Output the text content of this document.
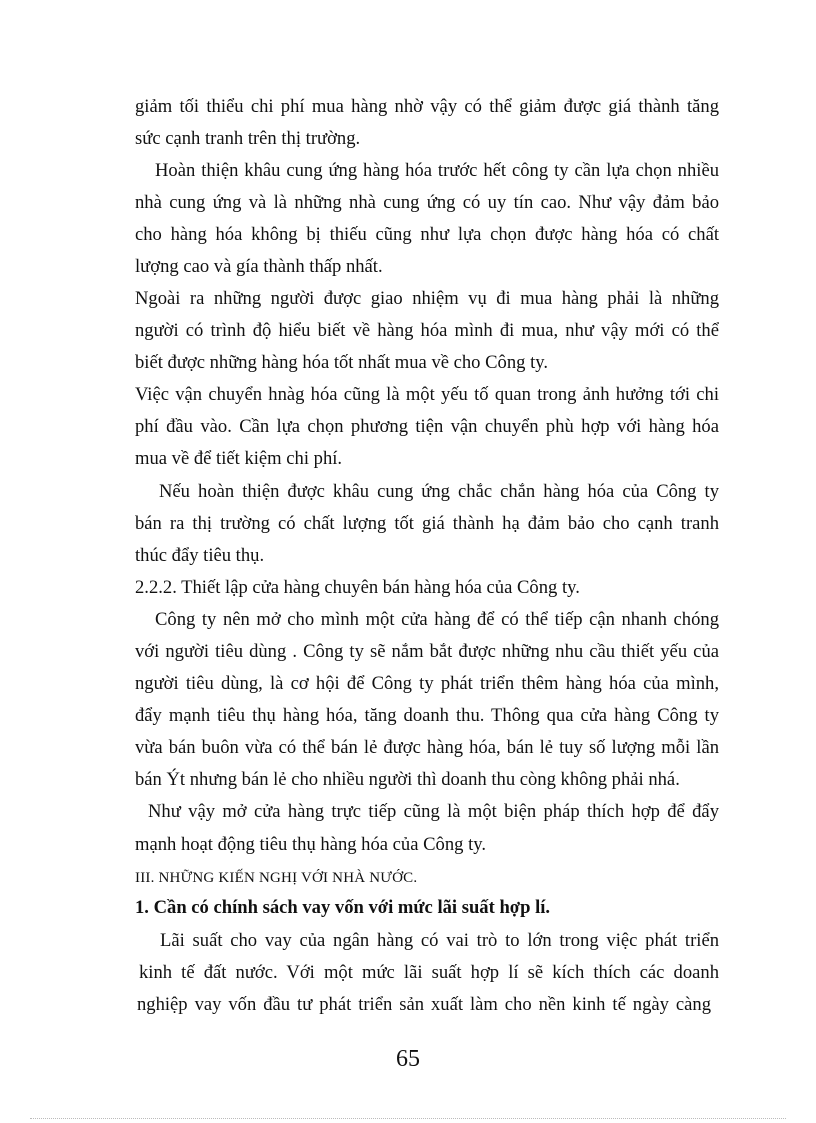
giảm tối thiểu chi phí mua hàng nhờ vậy có thể giảm được giá thành tăng
sức cạnh tranh trên thị trường.
Hoàn thiện khâu cung ứng hàng hóa trước hết công ty cần lựa chọn nhiều
nhà cung ứng và là những nhà cung ứng có uy tín cao. Như vậy đảm bảo
cho hàng hóa không bị thiếu cũng như lựa chọn được hàng hóa có chất
lượng cao và gía thành thấp nhất.
Ngoài ra những người được giao nhiệm vụ đi mua hàng phải là những
người có trình độ hiểu biết về hàng hóa mình đi mua, như vậy mới có thể
biết được những hàng hóa tốt nhất mua về cho Công ty.
Việc vận chuyển hnàg hóa cũng là một yếu tố quan trong ảnh hưởng tới chi
phí đầu vào. Cần lựa chọn phương tiện vận chuyển phù hợp với hàng hóa
mua về để tiết kiệm chi phí.
Nếu hoàn thiện được khâu cung ứng chắc chắn hàng hóa của Công ty
bán ra thị trường có chất lượng tốt giá thành hạ đảm bảo cho cạnh tranh
thúc đẩy tiêu thụ.
2.2.2. Thiết lập cửa hàng chuyên bán hàng hóa của Công ty.
Công ty nên mở cho mình một cửa hàng để có thể tiếp cận nhanh chóng
với người tiêu dùng . Công ty sẽ nắm bắt được những nhu cầu thiết yếu của
người tiêu dùng, là cơ hội để Công ty phát triển thêm hàng hóa của mình,
đẩy mạnh tiêu thụ hàng hóa, tăng doanh thu. Thông qua cửa hàng Công ty
vừa bán buôn vừa có thể bán lẻ được hàng hóa, bán lẻ tuy số lượng mỗi lần
bán Ýt nhưng bán lẻ cho nhiều người thì doanh thu còng không phải nhá.
Như vậy mở cửa hàng trực tiếp cũng là một biện pháp thích hợp để đẩy
mạnh hoạt động tiêu thụ hàng hóa của Công ty.
III. NHỮNG KIẾN NGHỊ VỚI NHÀ NƯỚC.
1. Cần có chính sách vay vốn với mức lãi suất hợp lí.
Lãi suất cho vay của ngân hàng có vai trò to lớn trong việc phát triển
kinh tế đất nước. Với một mức lãi suất hợp lí sẽ kích thích các doanh
nghiệp vay vốn đầu tư phát triển sản xuất làm cho nền kinh tế ngày càng
65
